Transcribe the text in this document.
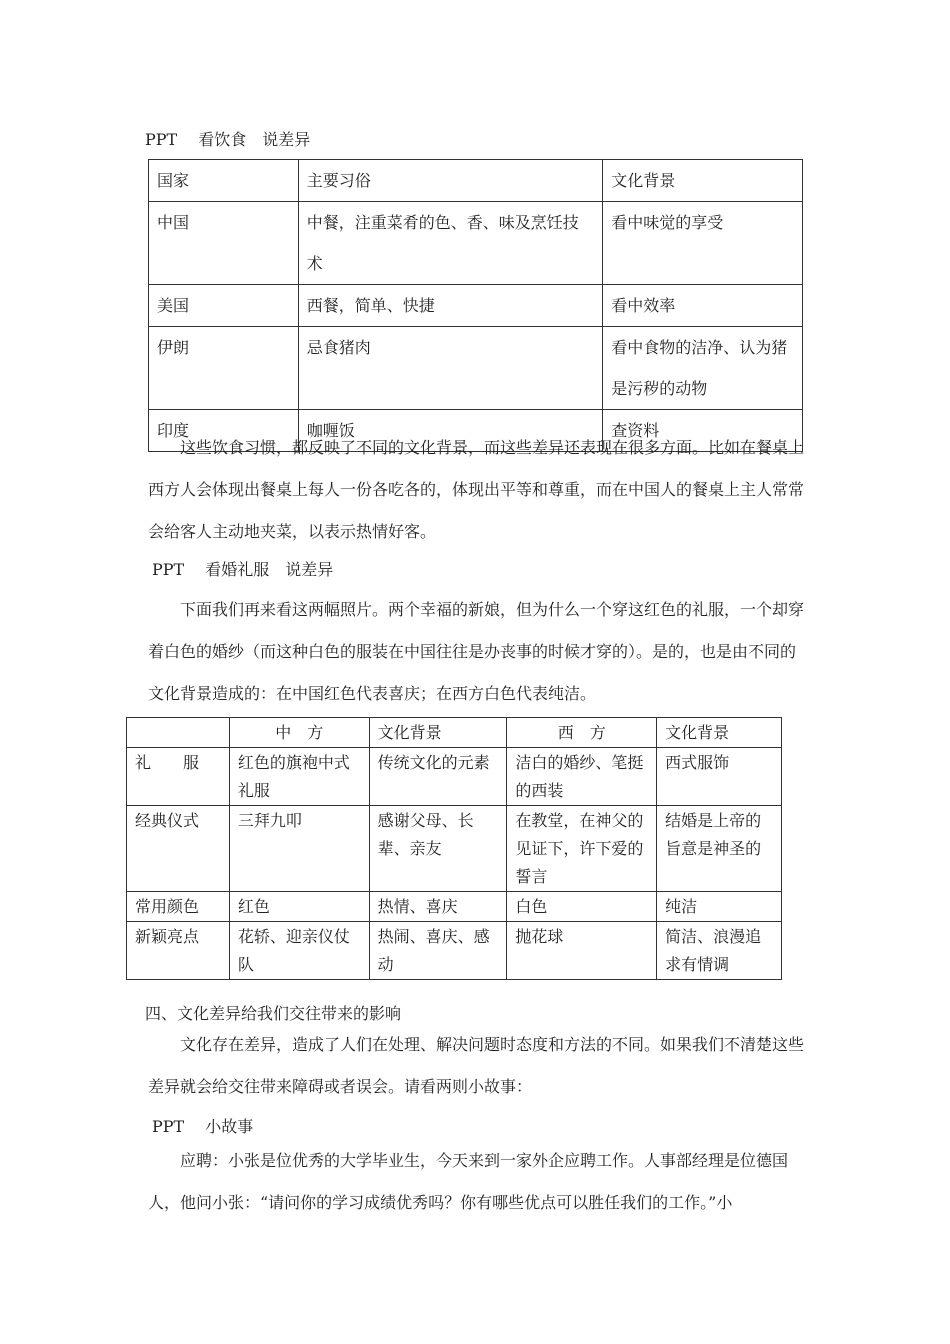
PPT　 看饮食　说差异
国家	主要习俗	文化背景
中国	中餐，注重菜肴的色、香、味及烹饪技术	看中味觉的享受
美国	西餐，简单、快捷	看中效率
伊朗	忌食猪肉	看中食物的洁净、认为猪是污秽的动物
印度	咖喱饭	查资料
这些饮食习惯，都反映了不同的文化背景，而这些差异还表现在很多方面。比如在餐桌上西方人会体现出餐桌上每人一份各吃各的，体现出平等和尊重，而在中国人的餐桌上主人常常会给客人主动地夹菜，以表示热情好客。
PPT　 看婚礼服　说差异
下面我们再来看这两幅照片。两个幸福的新娘，但为什么一个穿这红色的礼服，一个却穿着白色的婚纱（而这种白色的服装在中国往往是办丧事的时候才穿的）。是的，也是由不同的文化背景造成的：在中国红色代表喜庆；在西方白色代表纯洁。
	中　方	文化背景	西　方	文化背景
礼　　服	红色的旗袍中式礼服	传统文化的元素	洁白的婚纱、笔挺的西装	西式服饰
经典仪式	三拜九叩	感谢父母、长辈、亲友	在教堂，在神父的见证下，许下爱的誓言	结婚是上帝的旨意是神圣的
常用颜色	红色	热情、喜庆	白色	纯洁
新颖亮点	花轿、迎亲仪仗队	热闹、喜庆、感动	抛花球	简洁、浪漫追求有情调
四、文化差异给我们交往带来的影响
文化存在差异，造成了人们在处理、解决问题时态度和方法的不同。如果我们不清楚这些差异就会给交往带来障碍或者误会。请看两则小故事：
PPT　 小故事
应聘：小张是位优秀的大学毕业生，今天来到一家外企应聘工作。人事部经理是位德国人，他问小张：“请问你的学习成绩优秀吗？你有哪些优点可以胜任我们的工作。”小
